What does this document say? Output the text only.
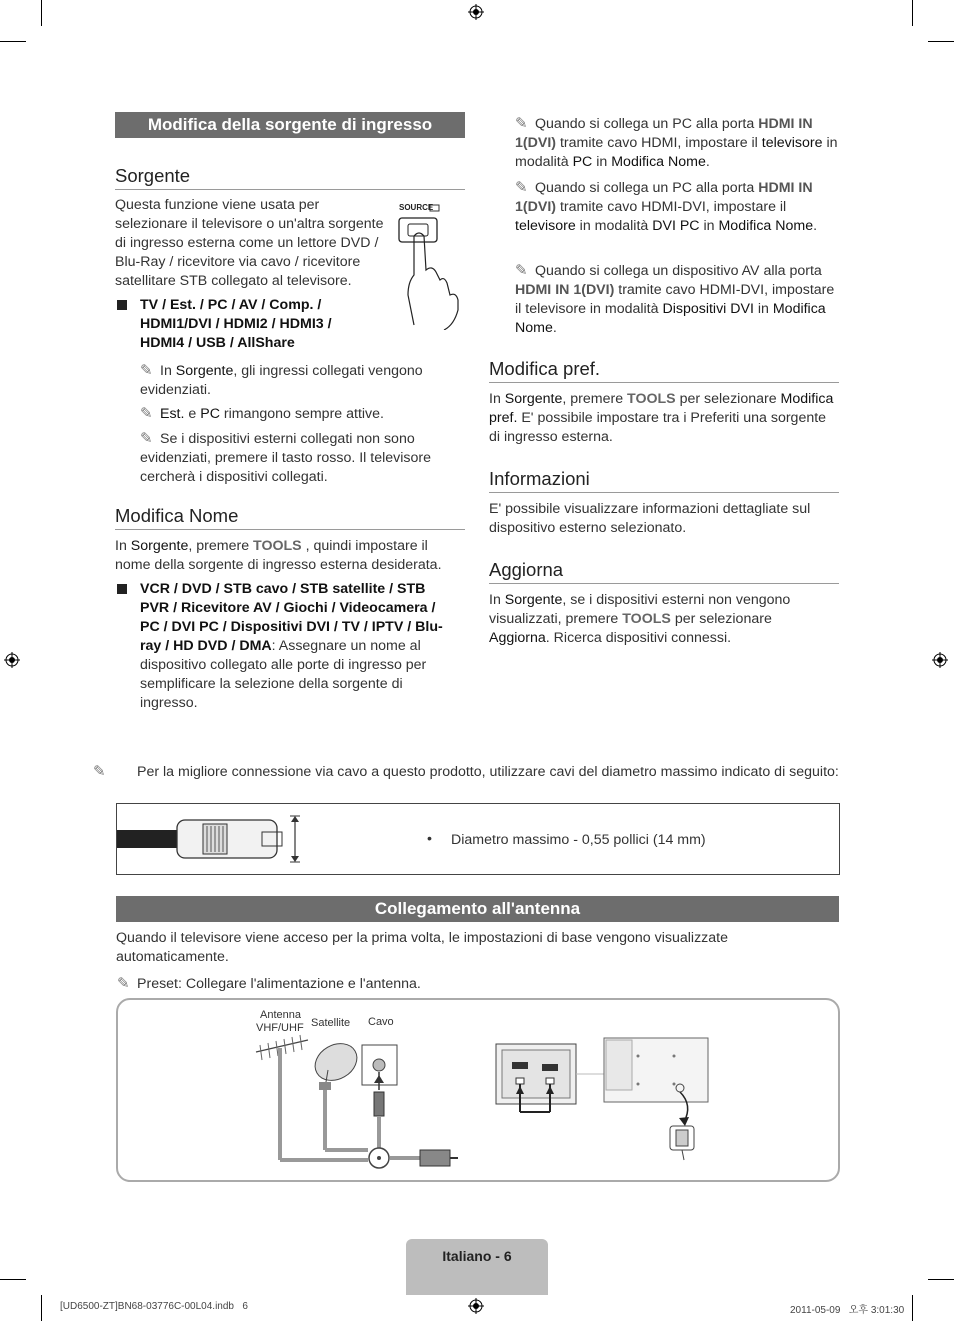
Modifica della sorgente di ingresso
Sorgente
Questa funzione viene usata per selezionare il televisore o un'altra sorgente di ingresso esterna come un lettore DVD / Blu-Ray / ricevitore via cavo / ricevitore satellitare STB collegato al televisore.
SOURCE
TV / Est. / PC / AV / Comp. / HDMI1/DVI / HDMI2 / HDMI3 / HDMI4 / USB / AllShare
✎ In Sorgente, gli ingressi collegati vengono evidenziati.
✎ Est. e PC rimangono sempre attive.
✎ Se i dispositivi esterni collegati non sono evidenziati, premere il tasto rosso. Il televisore cercherà i dispositivi collegati.
Modifica Nome
In Sorgente, premere TOOLS , quindi impostare il nome della sorgente di ingresso esterna desiderata.
VCR / DVD / STB cavo / STB satellite / STB PVR / Ricevitore AV / Giochi / Videocamera / PC / DVI PC / Dispositivi DVI / TV / IPTV / Blu-ray / HD DVD / DMA: Assegnare un nome al dispositivo collegato alle porte di ingresso per semplificare la selezione della sorgente di ingresso.
✎ Quando si collega un PC alla porta HDMI IN 1(DVI) tramite cavo HDMI, impostare il televisore in modalità PC in Modifica Nome.
✎ Quando si collega un PC alla porta HDMI IN 1(DVI) tramite cavo HDMI-DVI, impostare il televisore in modalità DVI PC in Modifica Nome.
✎ Quando si collega un dispositivo AV alla porta HDMI IN 1(DVI) tramite cavo HDMI-DVI, impostare il televisore in modalità Dispositivi DVI in Modifica Nome.
Modifica pref.
In Sorgente, premere TOOLS per selezionare Modifica pref. E' possibile impostare tra i Preferiti una sorgente di ingresso esterna.
Informazioni
E' possibile visualizzare informazioni dettagliate sul dispositivo esterno selezionato.
Aggiorna
In Sorgente, se i dispositivi esterni non vengono visualizzati, premere TOOLS per selezionare Aggiorna. Ricerca dispositivi connessi.
✎ Per la migliore connessione via cavo a questo prodotto, utilizzare cavi del diametro massimo indicato di seguito:
• Diametro massimo - 0,55 pollici (14 mm)
Collegamento all'antenna
Quando il televisore viene acceso per la prima volta, le impostazioni di base vengono visualizzate automaticamente.
✎ Preset: Collegare l'alimentazione e l'antenna.
Antenna
VHF/UHF Satellite Cavo
Italiano - 6
[UD6500-ZT]BN68-03776C-00L04.indb   6	2011-05-09   오후 3:01:30
